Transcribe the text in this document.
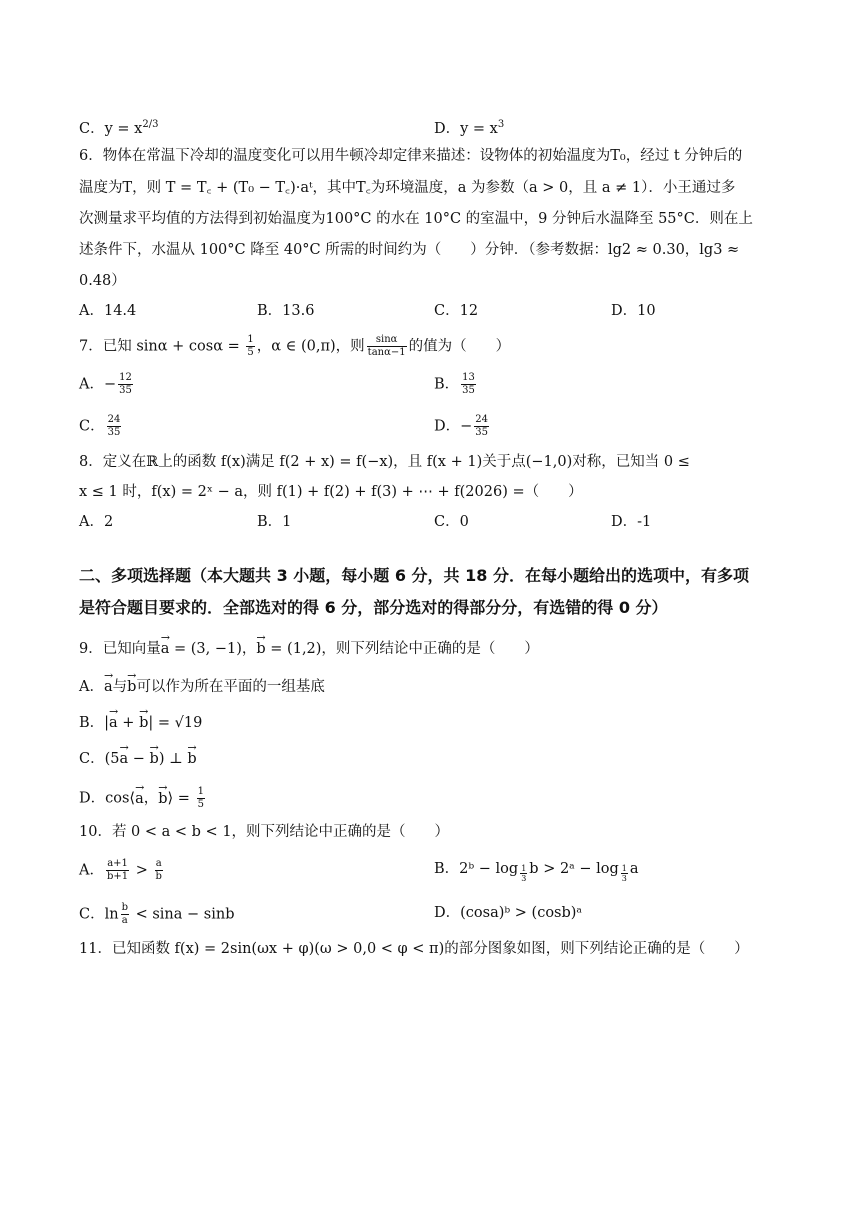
C．$y = x^{2/3}$	D．$y = x^3$
6．物体在常温下冷却的温度变化可以用牛顿冷却定律来描述：设物体的初始温度为T₀，经过 t 分钟后的
温度为T，则 T = T꜀ + (T₀ − T꜀)·aᵗ，其中T꜀为环境温度，a 为参数（a > 0，且 a ≠ 1）．小王通过多
次测量求平均值的方法得到初始温度为100°C 的水在 10°C 的室温中，9 分钟后水温降至 55°C．则在上
述条件下，水温从 100°C 降至 40°C 所需的时间约为（　　）分钟．（参考数据：lg2 ≈ 0.30，lg3 ≈
0.48）
A．14.4	B．13.6	C．12	D．10
7．已知 $\sin\alpha + \cos\alpha = \frac{1}{5}$ ，α ∈ (0,π)，则 $\frac{\sin\alpha}{\tan\alpha-1}$ 的值为（　　）
A．− $\frac{12}{35}$	B． $\frac{13}{35}$
C． $\frac{24}{35}$	D．− $\frac{24}{35}$
8．定义在ℝ上的函数 f(x)满足 f(2 + x) = f(−x)，且 f(x + 1)关于点(−1,0)对称，已知当 0 ≤
x ≤ 1 时，f(x) = 2ˣ − a，则 f(1) + f(2) + f(3) + ⋯ + f(2026) =（　　）
A．2	B．1	C．0	D．-1
二、多项选择题（本大题共 3 小题，每小题 6 分，共 18 分．在每小题给出的选项中，有多项
是符合题目要求的．全部选对的得 6 分，部分选对的得部分分，有选错的得 0 分）
9．已知向量→ a = (3, −1)，→ b = (1,2)，则下列结论中正确的是（　　）
A．→ a与→ b可以作为所在平面的一组基底
B．|→ a + → b| = √19
C．(5→ a − → b) ⊥ → b
D．cos⟨→ a，→ b⟩ = $\frac{1}{5}$
10．若 0 < a < b < 1，则下列结论中正确的是（　　）
A． $\frac{a+1}{b+1} > \frac{a}{b}$	B．2ᵇ − $\log \frac{1}{3}$ b > 2ᵃ − $\log \frac{1}{3}$ a
C．$\ln \frac{b}{a} < \sin a - \sin b$	D．(cosa)ᵇ > (cosb)ᵃ
11．已知函数 f(x) = 2sin(ωx + φ)(ω > 0,0 < φ < π)的部分图象如图，则下列结论正确的是（　　）
